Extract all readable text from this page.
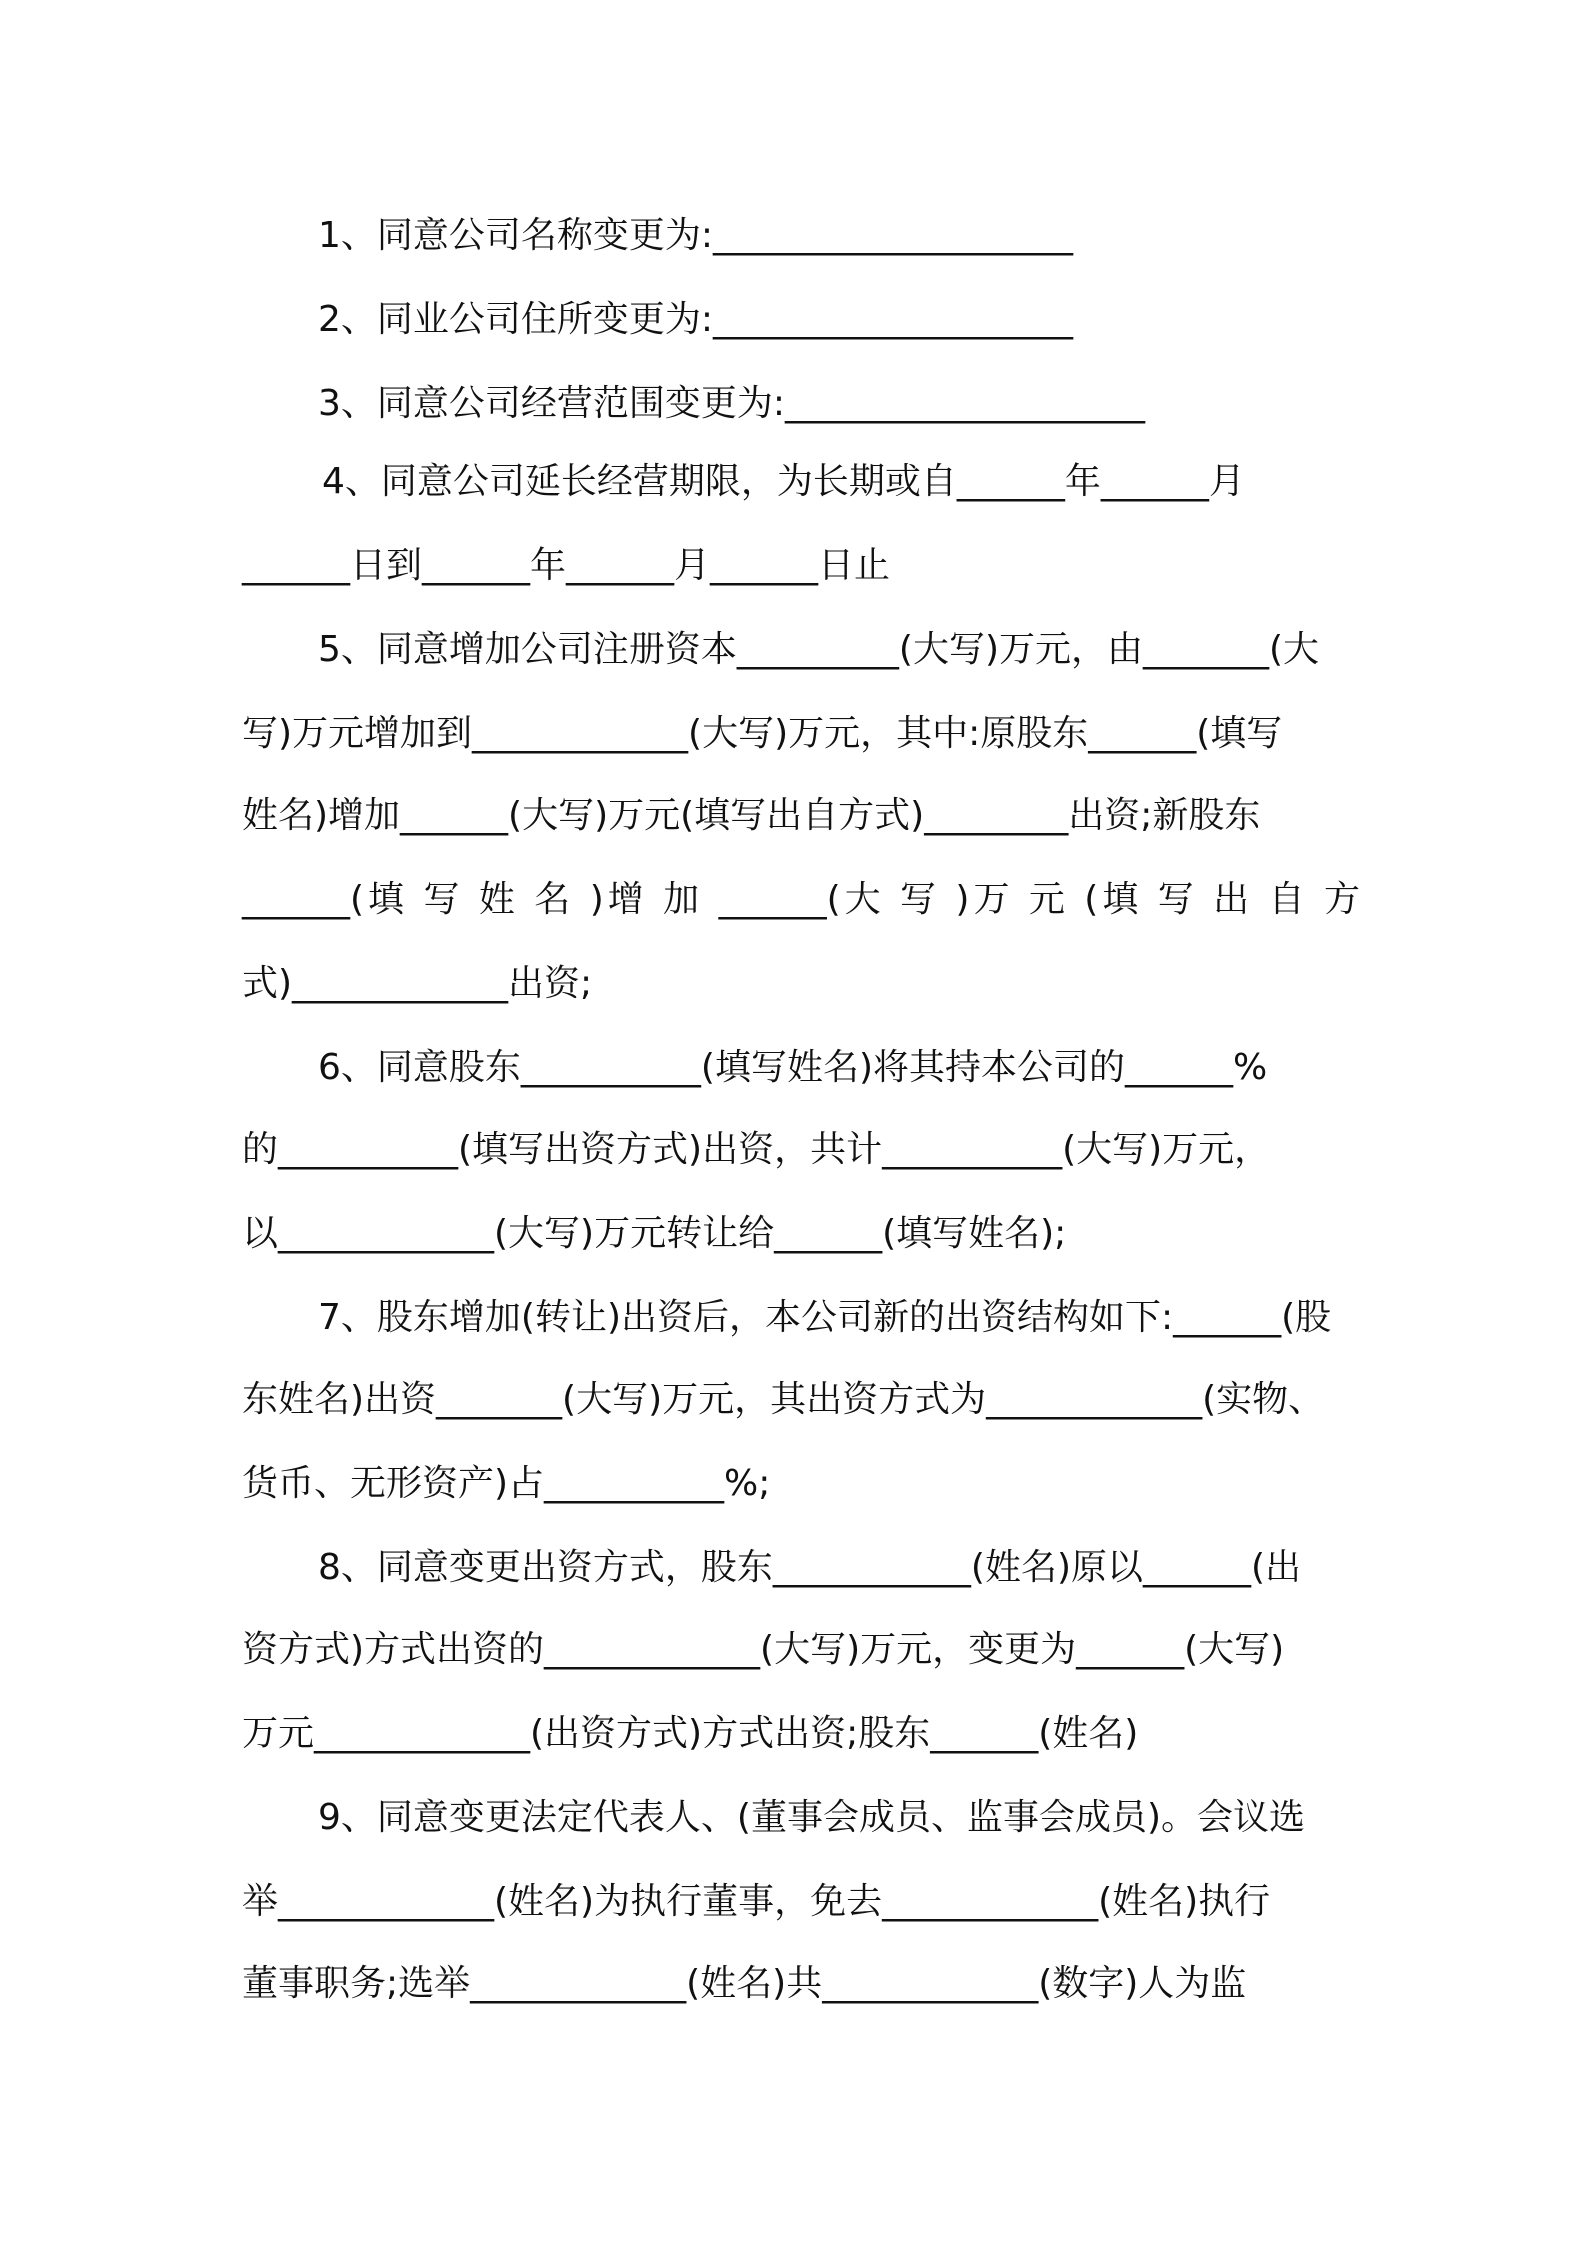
1、同意公司名称变更为:____________________

2、同业公司住所变更为:____________________

3、同意公司经营范围变更为:____________________

4、同意公司延长经营期限，为长期或自______年______月

______日到______年______月______日止

5、同意增加公司注册资本_________(大写)万元，由_______(大

写)万元增加到____________(大写)万元，其中:原股东______(填写

姓名)增加______(大写)万元(填写出自方式)________出资;新股东

______(填 写 姓 名 )增 加 ______(大 写 )万 元 (填 写 出 自 方

式)____________出资;

6、同意股东__________(填写姓名)将其持本公司的______%

的__________(填写出资方式)出资，共计__________(大写)万元，

以____________(大写)万元转让给______(填写姓名);

7、股东增加(转让)出资后，本公司新的出资结构如下:______(股

东姓名)出资_______(大写)万元，其出资方式为____________(实物、

货币、无形资产)占__________%;

8、同意变更出资方式，股东___________(姓名)原以______(出

资方式)方式出资的____________(大写)万元，变更为______(大写)

万元____________(出资方式)方式出资;股东______(姓名)

9、同意变更法定代表人、(董事会成员、监事会成员)。会议选

举____________(姓名)为执行董事，免去____________(姓名)执行

董事职务;选举____________(姓名)共____________(数字)人为监
